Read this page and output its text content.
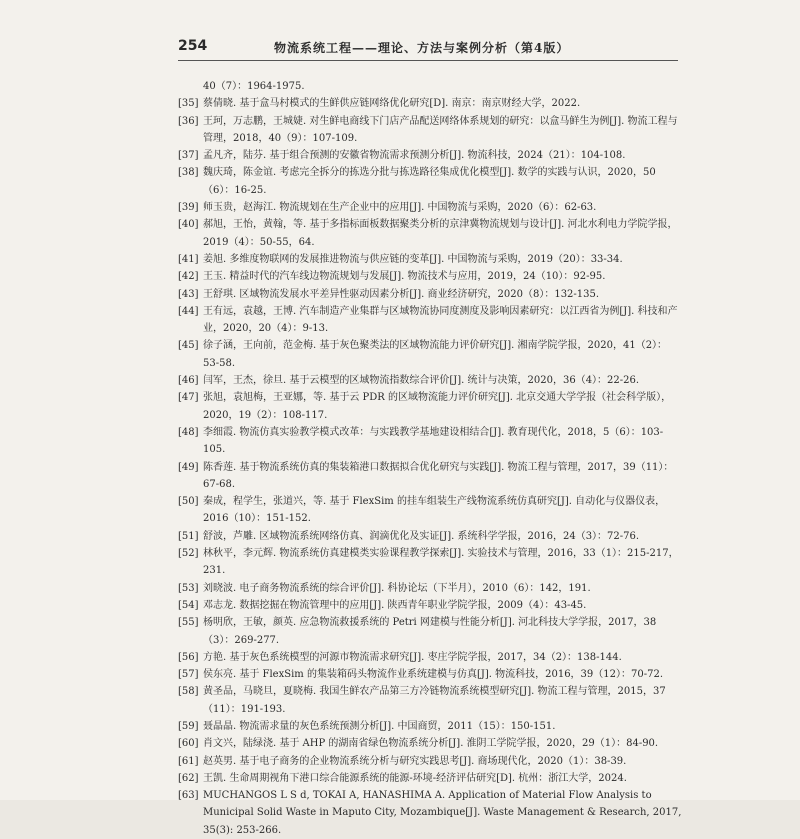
254	物流系统工程——理论、方法与案例分析（第4版）
40（7）：1964-1975.
[35] 蔡倩晓. 基于盒马村模式的生鲜供应链网络优化研究[D]. 南京：南京财经大学，2022.
[36] 王珂，万志鹏，王城婕. 对生鲜电商线下门店产品配送网络体系规划的研究：以盒马鲜生为例[J]. 物流工程与管理，2018，40（9）：107-109.
[37] 孟凡齐，陆芬. 基于组合预测的安徽省物流需求预测分析[J]. 物流科技，2024（21）：104-108.
[38] 魏庆琦，陈金谊. 考虑完全拆分的拣选分批与拣选路径集成优化模型[J]. 数学的实践与认识，2020，50（6）：16-25.
[39] 师玉贵，赵海江. 物流规划在生产企业中的应用[J]. 中国物流与采购，2020（6）：62-63.
[40] 郝旭，王怡，黄翰，等. 基于多指标面板数据聚类分析的京津冀物流规划与设计[J]. 河北水利电力学院学报，2019（4）：50-55，64.
[41] 姜旭. 多维度物联网的发展推进物流与供应链的变革[J]. 中国物流与采购，2019（20）：33-34.
[42] 王玉. 精益时代的汽车线边物流规划与发展[J]. 物流技术与应用，2019，24（10）：92-95.
[43] 王舒琪. 区域物流发展水平差异性驱动因素分析[J]. 商业经济研究，2020（8）：132-135.
[44] 王有远，袁越，王博. 汽车制造产业集群与区域物流协同度测度及影响因素研究：以江西省为例[J]. 科技和产业，2020，20（4）：9-13.
[45] 徐子涵，王向前，范金梅. 基于灰色聚类法的区域物流能力评价研究[J]. 湘南学院学报，2020，41（2）：53-58.
[46] 闫军，王杰，徐旦. 基于云模型的区域物流指数综合评价[J]. 统计与决策，2020，36（4）：22-26.
[47] 张旭，袁旭梅，王亚娜，等. 基于云 PDR 的区域物流能力评价研究[J]. 北京交通大学学报（社会科学版），2020，19（2）：108-117.
[48] 李细霞. 物流仿真实验教学模式改革：与实践教学基地建设相结合[J]. 教育现代化，2018，5（6）：103-105.
[49] 陈香莲. 基于物流系统仿真的集装箱港口数据拟合优化研究与实践[J]. 物流工程与管理，2017，39（11）：67-68.
[50] 秦成，程学生，张道兴，等. 基于 FlexSim 的挂车组装生产线物流系统仿真研究[J]. 自动化与仪器仪表，2016（10）：151-152.
[51] 舒波，芦雕. 区域物流系统网络仿真、润滴优化及实证[J]. 系统科学学报，2016，24（3）：72-76.
[52] 林秋平，李元辉. 物流系统仿真建模类实验课程教学探索[J]. 实验技术与管理，2016，33（1）：215-217，231.
[53] 刘晓波. 电子商务物流系统的综合评价[J]. 科协论坛（下半月），2010（6）：142，191.
[54] 邓志龙. 数据挖掘在物流管理中的应用[J]. 陕西青年职业学院学报，2009（4）：43-45.
[55] 杨明欣，王敏，颜英. 应急物流救援系统的 Petri 网建模与性能分析[J]. 河北科技大学学报，2017，38（3）：269-277.
[56] 方艳. 基于灰色系统模型的河源市物流需求研究[J]. 枣庄学院学报，2017，34（2）：138-144.
[57] 侯东亮. 基于 FlexSim 的集装箱码头物流作业系统建模与仿真[J]. 物流科技，2016，39（12）：70-72.
[58] 黄圣品，马晓旦，夏晓梅. 我国生鲜农产品第三方冷链物流系统模型研究[J]. 物流工程与管理，2015，37（11）：191-193.
[59] 聂晶晶. 物流需求量的灰色系统预测分析[J]. 中国商贸，2011（15）：150-151.
[60] 肖文兴，陆绿浇. 基于 AHP 的湖南省绿色物流系统分析[J]. 淮阴工学院学报，2020，29（1）：84-90.
[61] 赵英男. 基于电子商务的企业物流系统分析与研究实践思考[J]. 商场现代化，2020（1）：38-39.
[62] 王凯. 生命周期视角下港口综合能源系统的能源-环境-经济评估研究[D]. 杭州：浙江大学，2024.
[63] MUCHANGOS L S d, TOKAI A, HANASHIMA A. Application of Material Flow Analysis to Municipal Solid Waste in Maputo City, Mozambique[J]. Waste Management & Research, 2017, 35(3): 253-266.
